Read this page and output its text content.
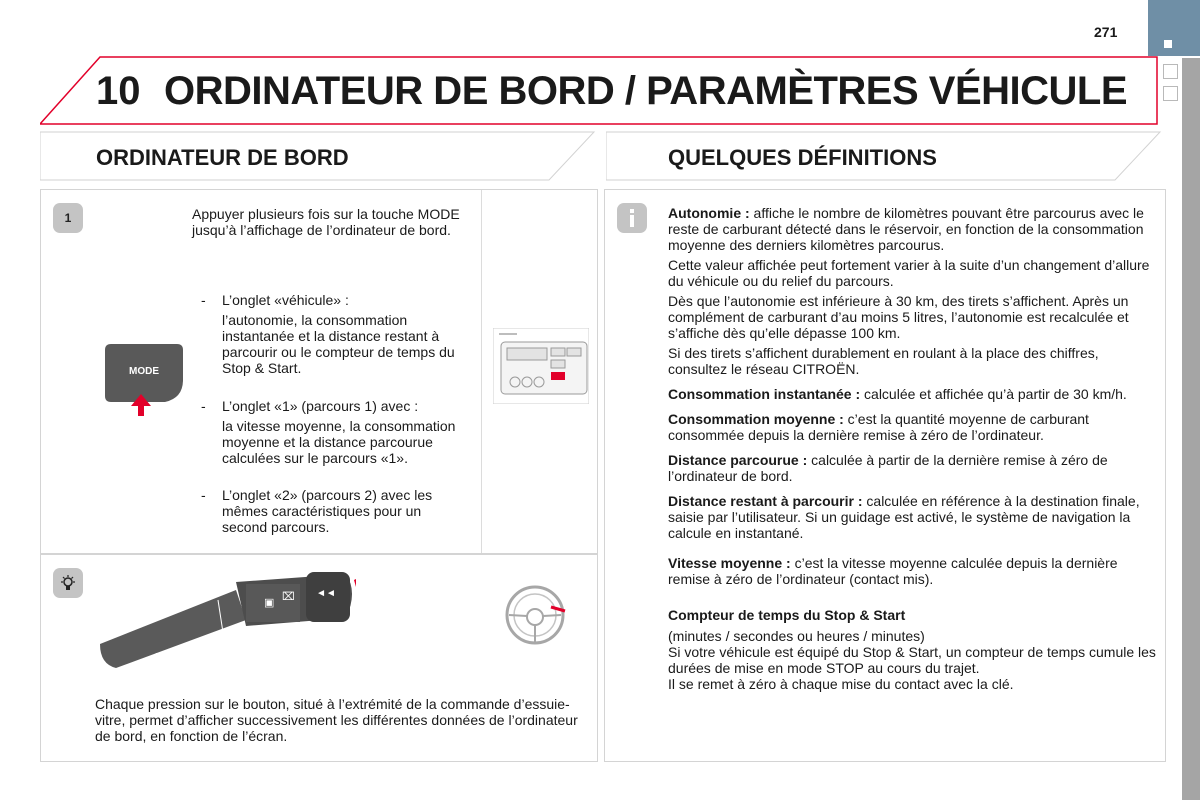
271
10 ORDINATEUR DE BORD / PARAMÈTRES VÉHICULE
ORDINATEUR DE BORD	QUELQUES DÉFINITIONS
1
MODE
Appuyer plusieurs fois sur la touche MODE jusqu’à l’affichage de l’ordinateur de bord.
- L’onglet «véhicule» :
l’autonomie, la consommation instantanée et la distance restant à parcourir ou le compteur de temps du Stop & Start.
- L’onglet «1» (parcours 1) avec :
la vitesse moyenne, la consommation moyenne et la distance parcourue calculées sur le parcours «1».
- L’onglet «2» (parcours 2) avec les mêmes caractéristiques pour un second parcours.
◄◄
▣ ⌧
AUTO
Chaque pression sur le bouton, situé à l’extrémité de la commande d’essuie-vitre, permet d’afficher successivement les différentes données de l’ordinateur de bord, en fonction de l’écran.

Autonomie : affiche le nombre de kilomètres pouvant être parcourus avec le reste de carburant détecté dans le réservoir, en fonction de la consommation moyenne des derniers kilomètres parcourus.

Cette valeur affichée peut fortement varier à la suite d’un changement d’allure du véhicule ou du relief du parcours.

Dès que l’autonomie est inférieure à 30 km, des tirets s’affichent. Après un complément de carburant d’au moins 5 litres, l’autonomie est recalculée et s’affiche dès qu’elle dépasse 100 km.

Si des tirets s’affichent durablement en roulant à la place des chiffres, consultez le réseau CITROËN.

Consommation instantanée : calculée et affichée qu’à partir de 30 km/h.

Consommation moyenne : c’est la quantité moyenne de carburant consommée depuis la dernière remise à zéro de l’ordinateur.

Distance parcourue : calculée à partir de la dernière remise à zéro de l’ordinateur de bord.

Distance restant à parcourir : calculée en référence à la destination finale, saisie par l’utilisateur. Si un guidage est activé, le système de navigation la calcule en instantané.

Vitesse moyenne : c’est la vitesse moyenne calculée depuis la dernière remise à zéro de l’ordinateur (contact mis).

Compteur de temps du Stop & Start

(minutes / secondes ou heures / minutes)

Si votre véhicule est équipé du Stop & Start, un compteur de temps cumule les durées de mise en mode STOP au cours du trajet.

Il se remet à zéro à chaque mise du contact avec la clé.
